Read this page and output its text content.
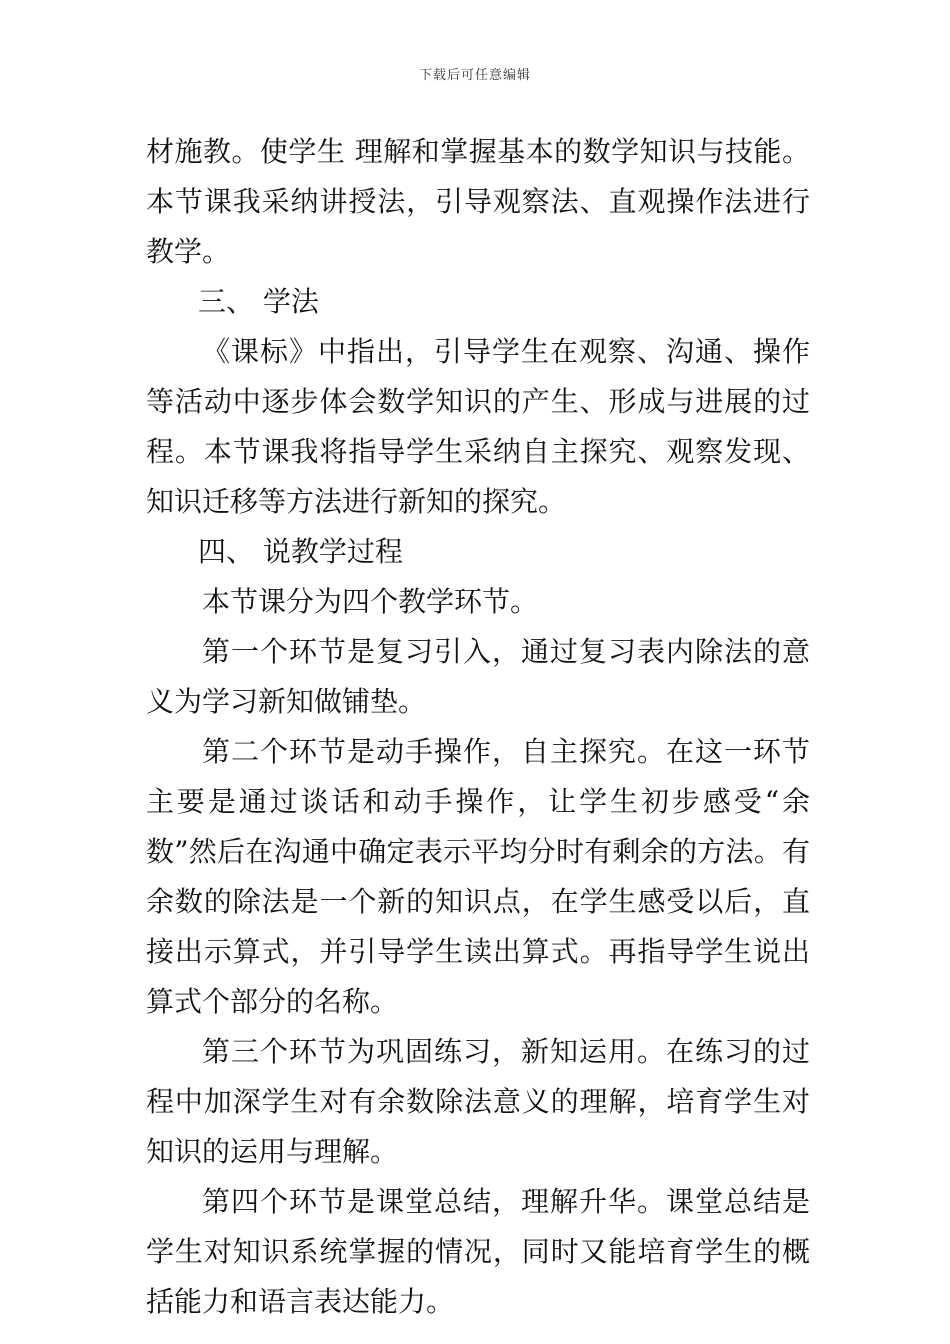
下载后可任意编辑

材施教。使学生 理解和掌握基本的数学知识与技能。本节课我采纳讲授法，引导观察法、直观操作法进行教学。

三、 学法

《课标》中指出，引导学生在观察、沟通、操作等活动中逐步体会数学知识的产生、形成与进展的过程。本节课我将指导学生采纳自主探究、观察发现、知识迁移等方法进行新知的探究。

四、 说教学过程

本节课分为四个教学环节。

第一个环节是复习引入，通过复习表内除法的意义为学习新知做铺垫。

第二个环节是动手操作，自主探究。在这一环节主要是通过谈话和动手操作，让学生初步感受“余数”然后在沟通中确定表示平均分时有剩余的方法。有余数的除法是一个新的知识点，在学生感受以后，直接出示算式，并引导学生读出算式。再指导学生说出算式个部分的名称。

第三个环节为巩固练习，新知运用。在练习的过程中加深学生对有余数除法意义的理解，培育学生对知识的运用与理解。

第四个环节是课堂总结，理解升华。课堂总结是学生对知识系统掌握的情况，同时又能培育学生的概括能力和语言表达能力。
